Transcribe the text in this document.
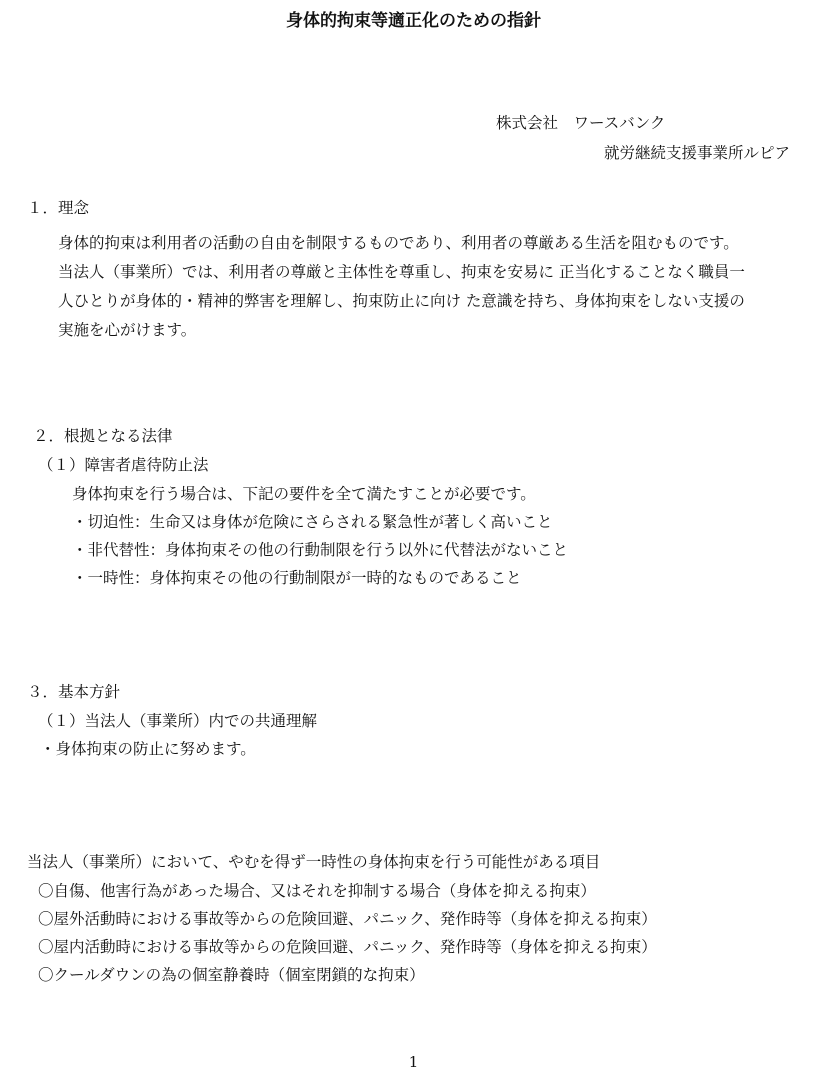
身体的拘束等適正化のための指針
株式会社　ワースバンク
就労継続支援事業所ルピア
１．理念
身体的拘束は利用者の活動の自由を制限するものであり、利用者の尊厳ある生活を阻むものです。
当法人（事業所）では、利用者の尊厳と主体性を尊重し、拘束を安易に 正当化することなく職員一
人ひとりが身体的・精神的弊害を理解し、拘束防止に向け た意識を持ち、身体拘束をしない支援の
実施を心がけます。
２．根拠となる法律
（１）障害者虐待防止法
身体拘束を行う場合は、下記の要件を全て満たすことが必要です。
・切迫性：生命又は身体が危険にさらされる緊急性が著しく高いこと
・非代替性：身体拘束その他の行動制限を行う以外に代替法がないこと
・一時性：身体拘束その他の行動制限が一時的なものであること
３．基本方針
（１）当法人（事業所）内での共通理解
・身体拘束の防止に努めます。
当法人（事業所）において、やむを得ず一時性の身体拘束を行う可能性がある項目
〇自傷、他害行為があった場合、又はそれを抑制する場合（身体を抑える拘束）
〇屋外活動時における事故等からの危険回避、パニック、発作時等（身体を抑える拘束）
〇屋内活動時における事故等からの危険回避、パニック、発作時等（身体を抑える拘束）
〇クールダウンの為の個室静養時（個室閉鎖的な拘束）
1
